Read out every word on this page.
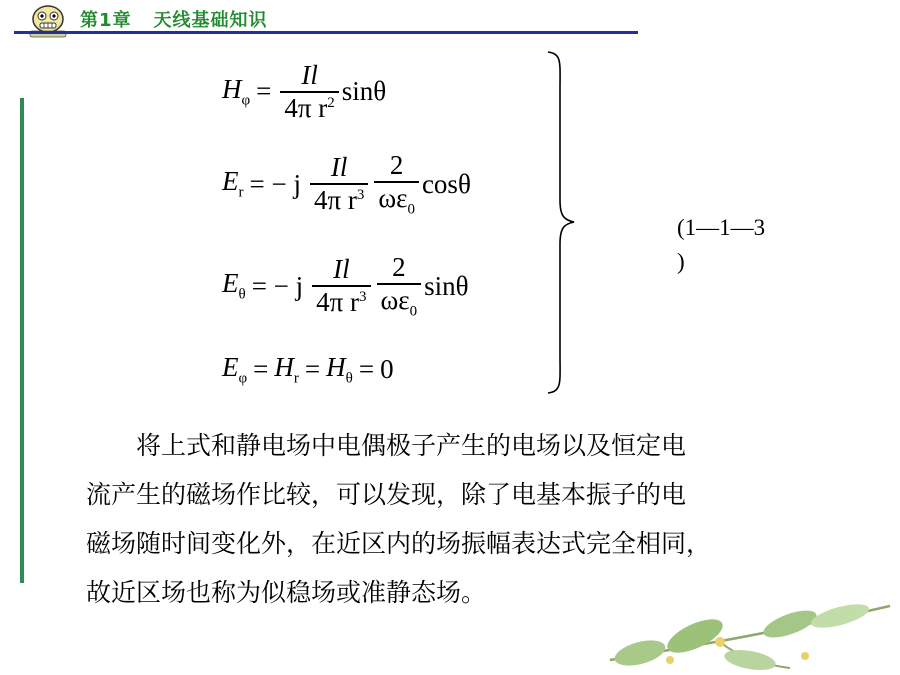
第1章 天线基础知识
$H_\varphi = \frac{Il}{4\pi r^2}$ sinθ
$E_r$ = − j $\frac{Il}{4\pi r^3} \frac{2}{\omega\varepsilon_0}$ cosθ
$E_\theta$ = − j $\frac{Il}{4\pi r^3} \frac{2}{\omega\varepsilon_0}$ sinθ
$E_\varphi = H_r = H_\theta = 0$
(1—1—3
)
将上式和静电场中电偶极子产生的电场以及恒定电
流产生的磁场作比较，可以发现，除了电基本振子的电
磁场随时间变化外，在近区内的场振幅表达式完全相同，
故近区场也称为似稳场或准静态场。
